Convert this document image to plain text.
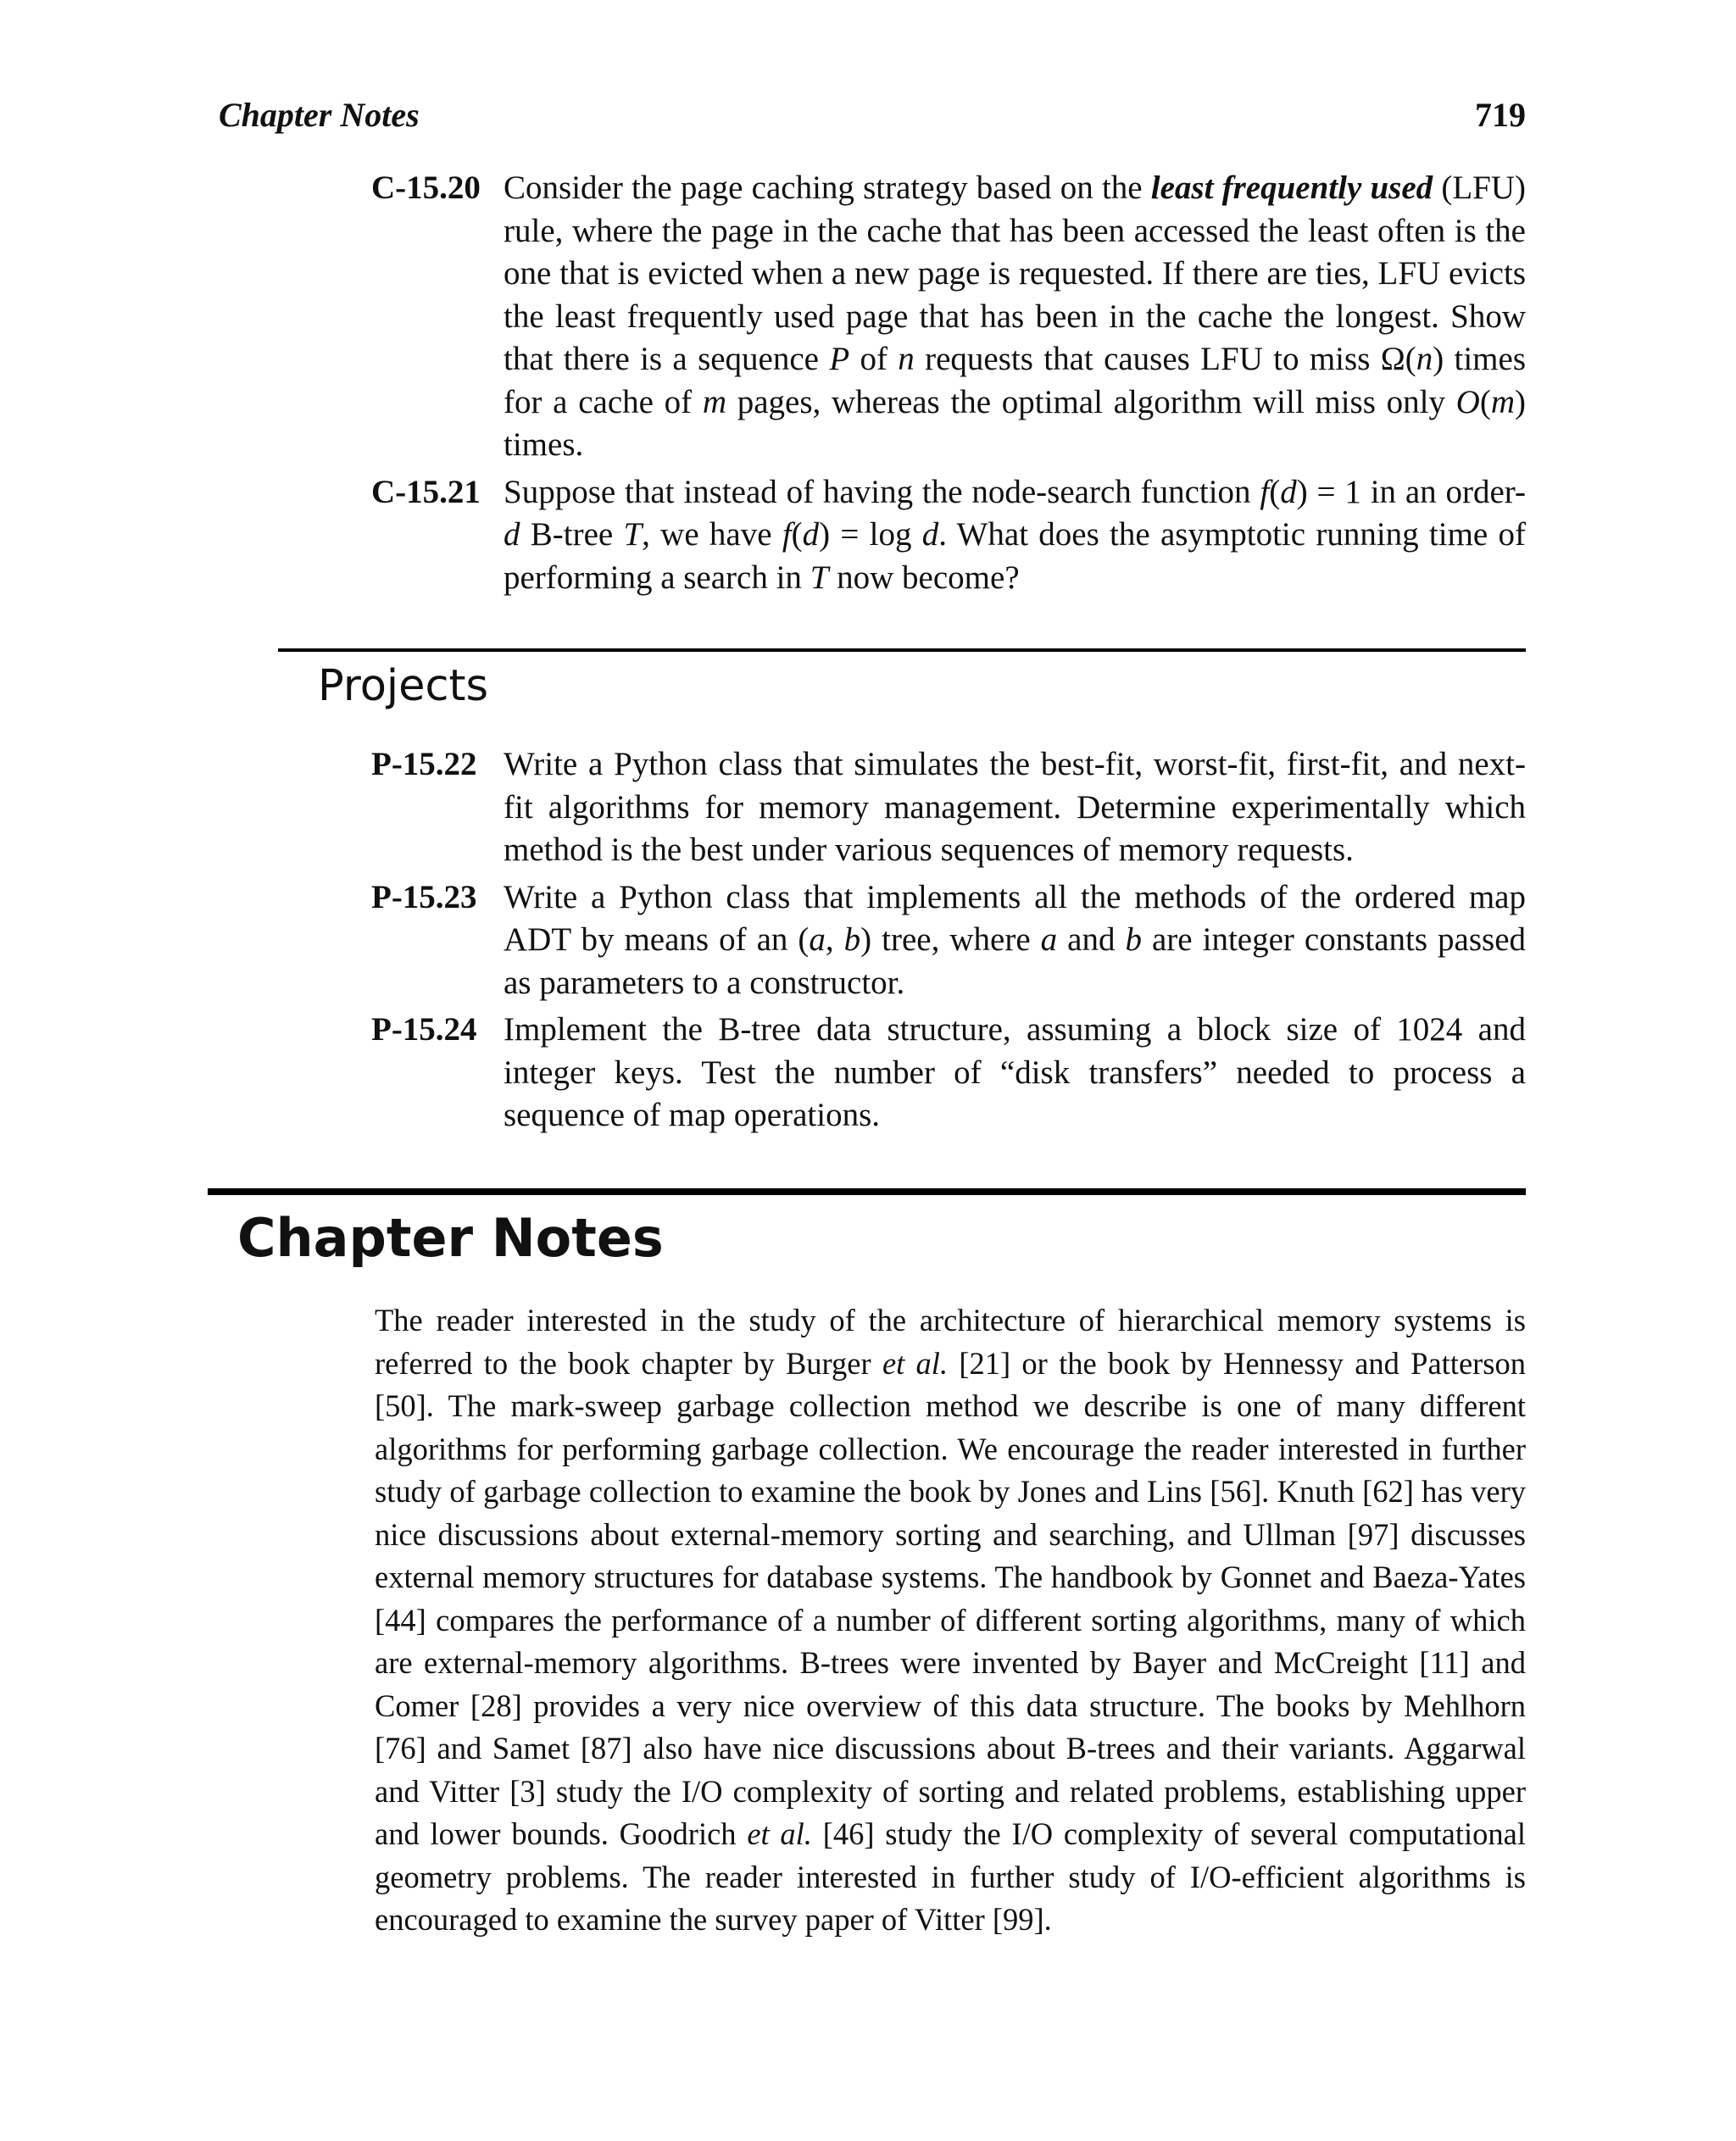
Chapter Notes	719
C-15.20 Consider the page caching strategy based on the least frequently used (LFU) rule, where the page in the cache that has been accessed the least often is the one that is evicted when a new page is requested. If there are ties, LFU evicts the least frequently used page that has been in the cache the longest. Show that there is a sequence P of n requests that causes LFU to miss Ω(n) times for a cache of m pages, whereas the optimal algorithm will miss only O(m) times.
C-15.21 Suppose that instead of having the node-search function f(d) = 1 in an order-d B-tree T, we have f(d) = log d. What does the asymptotic running time of performing a search in T now become?
Projects
P-15.22 Write a Python class that simulates the best-fit, worst-fit, first-fit, and next-fit algorithms for memory management. Determine experimentally which method is the best under various sequences of memory requests.
P-15.23 Write a Python class that implements all the methods of the ordered map ADT by means of an (a, b) tree, where a and b are integer constants passed as parameters to a constructor.
P-15.24 Implement the B-tree data structure, assuming a block size of 1024 and integer keys. Test the number of “disk transfers” needed to process a sequence of map operations.
Chapter Notes
The reader interested in the study of the architecture of hierarchical memory systems is referred to the book chapter by Burger et al. [21] or the book by Hennessy and Patterson [50]. The mark-sweep garbage collection method we describe is one of many different algorithms for performing garbage collection. We encourage the reader interested in further study of garbage collection to examine the book by Jones and Lins [56]. Knuth [62] has very nice discussions about external-memory sorting and searching, and Ullman [97] discusses external memory structures for database systems. The handbook by Gonnet and Baeza-Yates [44] compares the performance of a number of different sorting algorithms, many of which are external-memory algorithms. B-trees were invented by Bayer and McCreight [11] and Comer [28] provides a very nice overview of this data structure. The books by Mehlhorn [76] and Samet [87] also have nice discussions about B-trees and their variants. Aggarwal and Vitter [3] study the I/O complexity of sorting and related problems, establishing upper and lower bounds. Goodrich et al. [46] study the I/O complexity of several computational geometry problems. The reader interested in further study of I/O-efficient algorithms is encouraged to examine the survey paper of Vitter [99].
